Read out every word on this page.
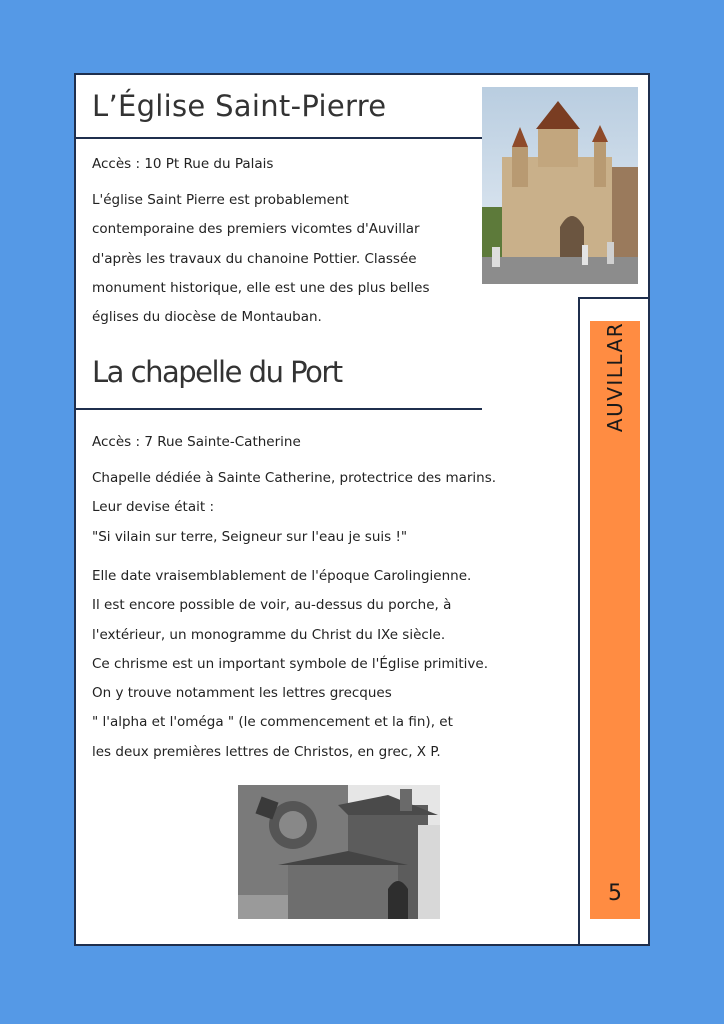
L’Église Saint-Pierre
Accès : 10 Pt Rue du Palais
L'église Saint Pierre est probablement
contemporaine des premiers vicomtes d'Auvillar
d'après les travaux du chanoine Pottier. Classée
monument historique, elle est une des plus belles
églises du diocèse de Montauban.
La chapelle du Port
Accès : 7 Rue Sainte-Catherine
Chapelle dédiée à Sainte Catherine, protectrice des marins.
Leur devise était :
"Si vilain sur terre, Seigneur sur l'eau je suis !"
Elle date vraisemblablement de l'époque Carolingienne.
Il est encore possible de voir, au-dessus du porche, à
l'extérieur, un monogramme du Christ du IXe siècle.
Ce chrisme est un important symbole de l'Église primitive.
On y trouve notamment les lettres grecques
" l'alpha et l'oméga " (le commencement et la fin), et
les deux premières lettres de Christos, en grec, X P.
AUVILLAR
5
